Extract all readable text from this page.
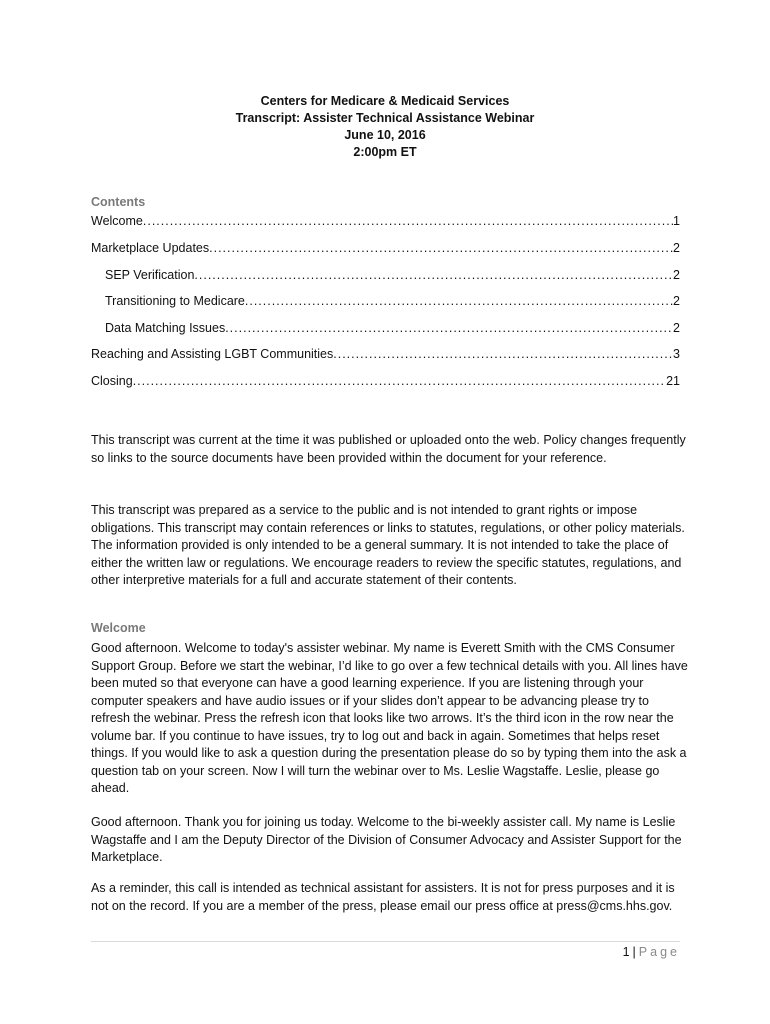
Centers for Medicare & Medicaid Services
Transcript: Assister Technical Assistance Webinar
June 10, 2016
2:00pm ET
Contents
Welcome .....	1
Marketplace Updates .....	2
SEP Verification .....	2
Transitioning to Medicare .....	2
Data Matching Issues .....	2
Reaching and Assisting LGBT Communities .....	3
Closing .....	21

This transcript was current at the time it was published or uploaded onto the web. Policy changes frequently so links to the source documents have been provided within the document for your reference.

This transcript was prepared as a service to the public and is not intended to grant rights or impose obligations. This transcript may contain references or links to statutes, regulations, or other policy materials. The information provided is only intended to be a general summary. It is not intended to take the place of either the written law or regulations. We encourage readers to review the specific statutes, regulations, and other interpretive materials for a full and accurate statement of their contents.

Welcome

Good afternoon. Welcome to today's assister webinar. My name is Everett Smith with the CMS Consumer Support Group. Before we start the webinar, I’d like to go over a few technical details with you. All lines have been muted so that everyone can have a good learning experience. If you are listening through your computer speakers and have audio issues or if your slides don’t appear to be advancing please try to refresh the webinar. Press the refresh icon that looks like two arrows. It’s the third icon in the row near the volume bar. If you continue to have issues, try to log out and back in again. Sometimes that helps reset things. If you would like to ask a question during the presentation please do so by typing them into the ask a question tab on your screen. Now I will turn the webinar over to Ms. Leslie Wagstaffe. Leslie, please go ahead.

Good afternoon. Thank you for joining us today. Welcome to the bi-weekly assister call. My name is Leslie Wagstaffe and I am the Deputy Director of the Division of Consumer Advocacy and Assister Support for the Marketplace.

As a reminder, this call is intended as technical assistant for assisters. It is not for press purposes and it is not on the record. If you are a member of the press, please email our press office at press@cms.hhs.gov.

1 | Page
